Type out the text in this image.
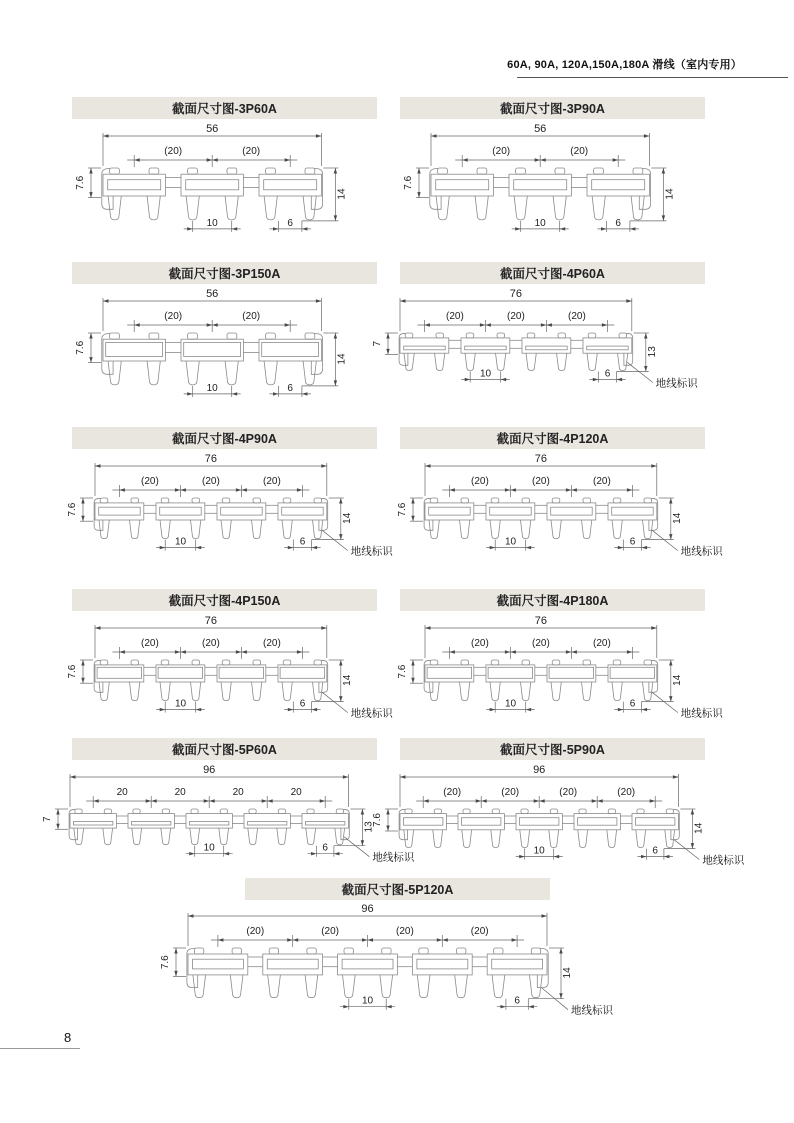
60A, 90A, 120A,150A,180A 滑线（室内专用）
截面尺寸图-3P60A
56
(20)	(20)
7.6
14
10	6
截面尺寸图-3P90A
56
(20)	(20)
7.6
14
10	6
截面尺寸图-3P150A
56
(20)	(20)
7.6
14
10	6
截面尺寸图-4P60A
76
(20)	(20)	(20)
7
13
10	6
地线标识
截面尺寸图-4P90A
76
(20)	(20)	(20)
7.6
14
10	6
地线标识
截面尺寸图-4P120A
76
(20)	(20)	(20)
7.6
14
10	6
地线标识
截面尺寸图-4P150A
76
(20)	(20)	(20)
7.6
14
10	6
地线标识
截面尺寸图-4P180A
76
(20)	(20)	(20)
7.6
14
10	6
地线标识
截面尺寸图-5P60A
96
20	20	20	20
7
13
10	6
地线标识
截面尺寸图-5P90A
96
(20)	(20)	(20)	(20)
7.6
14
10	6
地线标识
截面尺寸图-5P120A
96
(20)	(20)	(20)	(20)
7.6
14
10	6
地线标识
8
